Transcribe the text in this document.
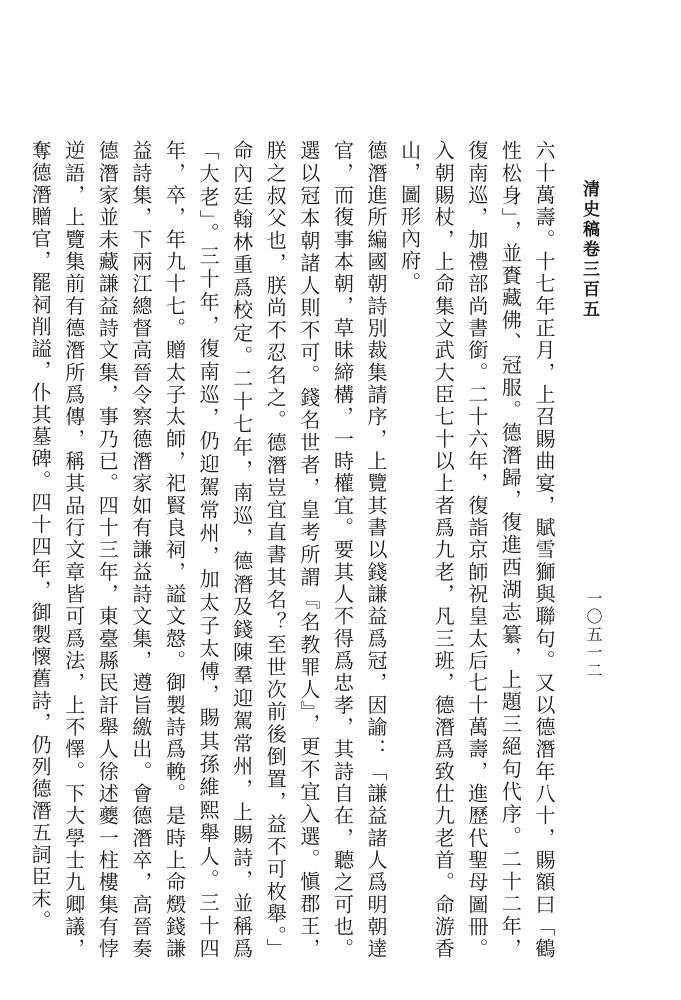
清史稿卷三百五
一〇五一二

六十萬壽。十七年正月，上召賜曲宴，賦雪獅與聯句。又以德潛年八十，賜額曰「鶴性松身」，並賚藏佛、冠服。德潛歸，復進西湖志纂，上題三絕句代序。二十二年，復南巡，加禮部尚書銜。二十六年，復詣京師祝皇太后七十萬壽，進歷代聖母圖冊。入朝賜杖，上命集文武大臣七十以上者爲九老，凡三班，德潛爲致仕九老首。命游香山，圖形內府。

德潛進所編國朝詩別裁集請序，上覽其書以錢謙益爲冠，因諭：「謙益諸人爲明朝達官，而復事本朝，草昧締構，一時權宜。要其人不得爲忠孝，其詩自在，聽之可也。選以冠本朝諸人則不可。錢名世者，皇考所謂『名教罪人』，更不宜入選。愼郡王，朕之叔父也，朕尚不忍名之。德潛豈宜直書其名？至世次前後倒置，益不可枚舉。」命內廷翰林重爲校定。二十七年，南巡，德潛及錢陳羣迎駕常州，上賜詩，並稱爲「大老」。三十年，復南巡，仍迎駕常州，加太子太傅，賜其孫維熙舉人。三十四年，卒，年九十七。贈太子太師，祀賢良祠，謚文慤。御製詩爲輓。是時上命燬錢謙益詩集，下兩江總督高晉令察德潛家如有謙益詩文集，遵旨繳出。會德潛卒，高晉奏德潛家並未藏謙益詩文集，事乃已。四十三年，東臺縣民訐舉人徐述夔一柱樓集有悖逆語，上覽集前有德潛所爲傳，稱其品行文章皆可爲法，上不懌。下大學士九卿議，奪德潛贈官，罷祠削謚，仆其墓碑。四十四年，御製懷舊詩，仍列德潛五詞臣末。
